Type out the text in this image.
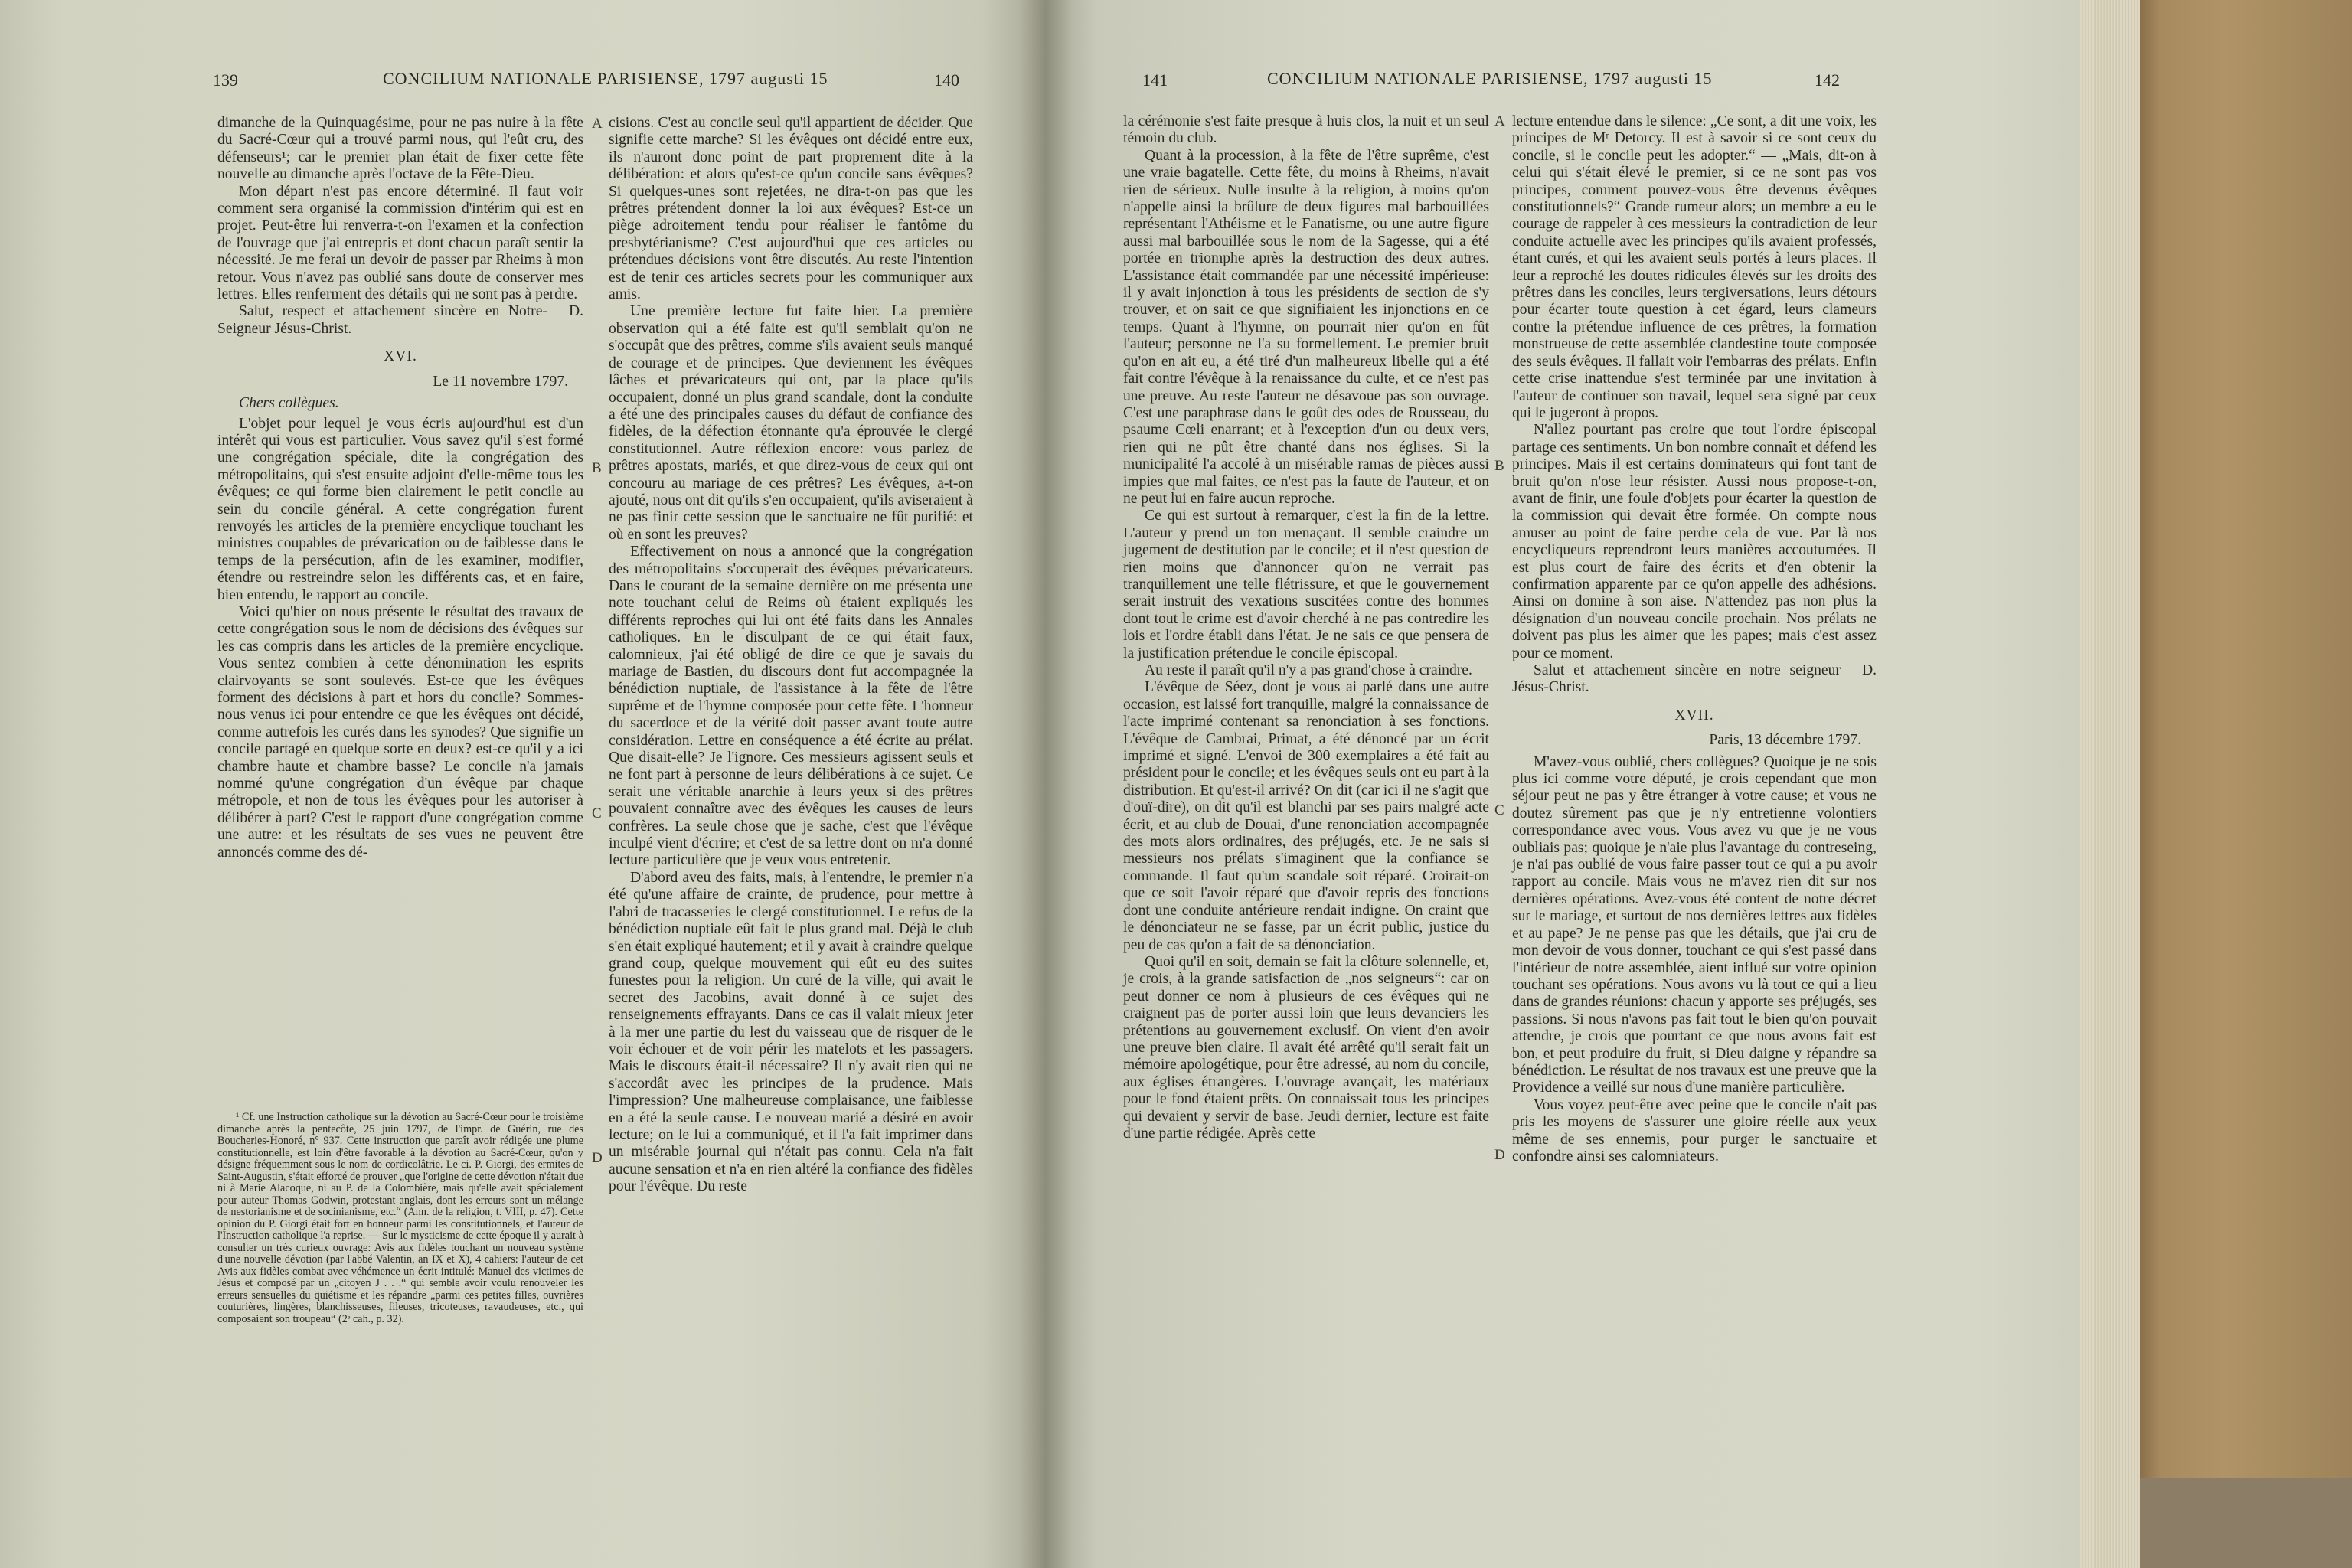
139	CONCILIUM NATIONALE PARISIENSE, 1797 augusti 15	140

dimanche de la Quinquagésime, pour ne pas nuire à la fête du Sacré-Cœur qui a trouvé parmi nous, qui l'eût cru, des défenseurs¹; car le premier plan était de fixer cette fête nouvelle au dimanche après l'octave de la Fête-Dieu.

Mon départ n'est pas encore déterminé. Il faut voir comment sera organisé la commission d'intérim qui est en projet. Peut-être lui renverra-t-on l'examen et la confection de l'ouvrage que j'ai entrepris et dont chacun paraît sentir la nécessité. Je me ferai un devoir de passer par Rheims à mon retour. Vous n'avez pas oublié sans doute de conserver mes lettres. Elles renferment des détails qui ne sont pas à perdre.

Salut, respect et attachement sincère en Notre-Seigneur Jésus-Christ.
D.
XVI.
Le 11 novembre 1797.
Chers collègues.

L'objet pour lequel je vous écris aujourd'hui est d'un intérêt qui vous est particulier. Vous savez qu'il s'est formé une congrégation spéciale, dite la congrégation des métropolitains, qui s'est ensuite adjoint d'elle-même tous les évêques; ce qui forme bien clairement le petit concile au sein du concile général. A cette congrégation furent renvoyés les articles de la première encyclique touchant les ministres coupables de prévarication ou de faiblesse dans le temps de la persécution, afin de les examiner, modifier, étendre ou restreindre selon les différents cas, et en faire, bien entendu, le rapport au concile.

Voici qu'hier on nous présente le résultat des travaux de cette congrégation sous le nom de décisions des évêques sur les cas compris dans les articles de la première encyclique. Vous sentez combien à cette dénomination les esprits clairvoyants se sont soulevés. Est-ce que les évêques forment des décisions à part et hors du concile? Sommes-nous venus ici pour entendre ce que les évêques ont décidé, comme autrefois les curés dans les synodes? Que signifie un concile partagé en quelque sorte en deux? est-ce qu'il y a ici chambre haute et chambre basse? Le concile n'a jamais nommé qu'une congrégation d'un évêque par chaque métropole, et non de tous les évêques pour les autoriser à délibérer à part? C'est le rapport d'une congrégation comme une autre: et les résultats de ses vues ne peuvent être annoncés comme des dé-

¹ Cf. une Instruction catholique sur la dévotion au Sacré-Cœur pour le troisième dimanche après la pentecôte, 25 juin 1797, de l'impr. de Guérin, rue des Boucheries-Honoré, n° 937. Cette instruction que paraît avoir rédigée une plume constitutionnelle, est loin d'être favorable à la dévotion au Sacré-Cœur, qu'on y désigne fréquemment sous le nom de cordicolâtrie. Le ci. P. Giorgi, des ermites de Saint-Augustin, s'était efforcé de prouver „que l'origine de cette dévotion n'était due ni à Marie Alacoque, ni au P. de la Colombière, mais qu'elle avait spécialement pour auteur Thomas Godwin, protestant anglais, dont les erreurs sont un mélange de nestorianisme et de socinianisme, etc.“ (Ann. de la religion, t. VIII, p. 47). Cette opinion du P. Giorgi était fort en honneur parmi les constitutionnels, et l'auteur de l'Instruction catholique l'a reprise. — Sur le mysticisme de cette époque il y aurait à consulter un très curieux ouvrage: Avis aux fidèles touchant un nouveau système d'une nouvelle dévotion (par l'abbé Valentin, an IX et X), 4 cahiers: l'auteur de cet Avis aux fidèles combat avec véhémence un écrit intitulé: Manuel des victimes de Jésus et composé par un „citoyen J . . .“ qui semble avoir voulu renouveler les erreurs sensuelles du quiétisme et les répandre „parmi ces petites filles, ouvrières couturières, lingères, blanchisseuses, fileuses, tricoteuses, ravaudeuses, etc., qui composaient son troupeau“ (2ᵉ cah., p. 32).

A
B
C
D

cisions. C'est au concile seul qu'il appartient de décider. Que signifie cette marche? Si les évêques ont décidé entre eux, ils n'auront donc point de part proprement dite à la délibération: et alors qu'est-ce qu'un concile sans évêques? Si quelques-unes sont rejetées, ne dira-t-on pas que les prêtres prétendent donner la loi aux évêques? Est-ce un piège adroitement tendu pour réaliser le fantôme du presbytérianisme? C'est aujourd'hui que ces articles ou prétendues décisions vont être discutés. Au reste l'intention est de tenir ces articles secrets pour les communiquer aux amis.

Une première lecture fut faite hier. La première observation qui a été faite est qu'il semblait qu'on ne s'occupât que des prêtres, comme s'ils avaient seuls manqué de courage et de principes. Que deviennent les évêques lâches et prévaricateurs qui ont, par la place qu'ils occupaient, donné un plus grand scandale, dont la conduite a été une des principales causes du défaut de confiance des fidèles, de la défection étonnante qu'a éprouvée le clergé constitutionnel. Autre réflexion encore: vous parlez de prêtres apostats, mariés, et que direz-vous de ceux qui ont concouru au mariage de ces prêtres? Les évêques, a-t-on ajouté, nous ont dit qu'ils s'en occupaient, qu'ils aviseraient à ne pas finir cette session que le sanctuaire ne fût purifié: et où en sont les preuves?

Effectivement on nous a annoncé que la congrégation des métropolitains s'occuperait des évêques prévaricateurs. Dans le courant de la semaine dernière on me présenta une note touchant celui de Reims où étaient expliqués les différents reproches qui lui ont été faits dans les Annales catholiques. En le disculpant de ce qui était faux, calomnieux, j'ai été obligé de dire ce que je savais du mariage de Bastien, du discours dont fut accompagnée la bénédiction nuptiale, de l'assistance à la fête de l'être suprême et de l'hymne composée pour cette fête. L'honneur du sacerdoce et de la vérité doit passer avant toute autre considération. Lettre en conséquence a été écrite au prélat. Que disait-elle? Je l'ignore. Ces messieurs agissent seuls et ne font part à personne de leurs délibérations à ce sujet. Ce serait une véritable anarchie à leurs yeux si des prêtres pouvaient connaître avec des évêques les causes de leurs confrères. La seule chose que je sache, c'est que l'évêque inculpé vient d'écrire; et c'est de sa lettre dont on m'a donné lecture particulière que je veux vous entretenir.

D'abord aveu des faits, mais, à l'entendre, le premier n'a été qu'une affaire de crainte, de prudence, pour mettre à l'abri de tracasseries le clergé constitutionnel. Le refus de la bénédiction nuptiale eût fait le plus grand mal. Déjà le club s'en était expliqué hautement; et il y avait à craindre quelque grand coup, quelque mouvement qui eût eu des suites funestes pour la religion. Un curé de la ville, qui avait le secret des Jacobins, avait donné à ce sujet des renseignements effrayants. Dans ce cas il valait mieux jeter à la mer une partie du lest du vaisseau que de risquer de le voir échouer et de voir périr les matelots et les passagers. Mais le discours était-il nécessaire? Il n'y avait rien qui ne s'accordât avec les principes de la prudence. Mais l'impression? Une malheureuse complaisance, une faiblesse en a été la seule cause. Le nouveau marié a désiré en avoir lecture; on le lui a communiqué, et il l'a fait imprimer dans un misérable journal qui n'était pas connu. Cela n'a fait aucune sensation et n'a en rien altéré la confiance des fidèles pour l'évêque. Du reste

141	CONCILIUM NATIONALE PARISIENSE, 1797 augusti 15	142

la cérémonie s'est faite presque à huis clos, la nuit et un seul témoin du club.

Quant à la procession, à la fête de l'être suprême, c'est une vraie bagatelle. Cette fête, du moins à Rheims, n'avait rien de sérieux. Nulle insulte à la religion, à moins qu'on n'appelle ainsi la brûlure de deux figures mal barbouillées représentant l'Athéisme et le Fanatisme, ou une autre figure aussi mal barbouillée sous le nom de la Sagesse, qui a été portée en triomphe après la destruction des deux autres. L'assistance était commandée par une nécessité impérieuse: il y avait injonction à tous les présidents de section de s'y trouver, et on sait ce que signifiaient les injonctions en ce temps. Quant à l'hymne, on pourrait nier qu'on en fût l'auteur; personne ne l'a su formellement. Le premier bruit qu'on en ait eu, a été tiré d'un malheureux libelle qui a été fait contre l'évêque à la renaissance du culte, et ce n'est pas une preuve. Au reste l'auteur ne désavoue pas son ouvrage. C'est une paraphrase dans le goût des odes de Rousseau, du psaume Cœli enarrant; et à l'exception d'un ou deux vers, rien qui ne pût être chanté dans nos églises. Si la municipalité l'a accolé à un misérable ramas de pièces aussi impies que mal faites, ce n'est pas la faute de l'auteur, et on ne peut lui en faire aucun reproche.

Ce qui est surtout à remarquer, c'est la fin de la lettre. L'auteur y prend un ton menaçant. Il semble craindre un jugement de destitution par le concile; et il n'est question de rien moins que d'annoncer qu'on ne verrait pas tranquillement une telle flétrissure, et que le gouvernement serait instruit des vexations suscitées contre des hommes dont tout le crime est d'avoir cherché à ne pas contredire les lois et l'ordre établi dans l'état. Je ne sais ce que pensera de la justification prétendue le concile épiscopal.

Au reste il paraît qu'il n'y a pas grand'chose à craindre.

L'évêque de Séez, dont je vous ai parlé dans une autre occasion, est laissé fort tranquille, malgré la connaissance de l'acte imprimé contenant sa renonciation à ses fonctions. L'évêque de Cambrai, Primat, a été dénoncé par un écrit imprimé et signé. L'envoi de 300 exemplaires a été fait au président pour le concile; et les évêques seuls ont eu part à la distribution. Et qu'est-il arrivé? On dit (car ici il ne s'agit que d'ouï-dire), on dit qu'il est blanchi par ses pairs malgré acte écrit, et au club de Douai, d'une renonciation accompagnée des mots alors ordinaires, des préjugés, etc. Je ne sais si messieurs nos prélats s'imaginent que la confiance se commande. Il faut qu'un scandale soit réparé. Croirait-on que ce soit l'avoir réparé que d'avoir repris des fonctions dont une conduite antérieure rendait indigne. On craint que le dénonciateur ne se fasse, par un écrit public, justice du peu de cas qu'on a fait de sa dénonciation.

Quoi qu'il en soit, demain se fait la clôture solennelle, et, je crois, à la grande satisfaction de „nos seigneurs“: car on peut donner ce nom à plusieurs de ces évêques qui ne craignent pas de porter aussi loin que leurs devanciers les prétentions au gouvernement exclusif. On vient d'en avoir une preuve bien claire. Il avait été arrêté qu'il serait fait un mémoire apologétique, pour être adressé, au nom du concile, aux églises étrangères. L'ouvrage avançait, les matériaux pour le fond étaient prêts. On connaissait tous les principes qui devaient y servir de base. Jeudi dernier, lecture est faite d'une partie rédigée. Après cette

A
B
C
D

lecture entendue dans le silence: „Ce sont, a dit une voix, les principes de Mʳ Detorcy. Il est à savoir si ce sont ceux du concile, si le concile peut les adopter.“ — „Mais, dit-on à celui qui s'était élevé le premier, si ce ne sont pas vos principes, comment pouvez-vous être devenus évêques constitutionnels?“ Grande rumeur alors; un membre a eu le courage de rappeler à ces messieurs la contradiction de leur conduite actuelle avec les principes qu'ils avaient professés, étant curés, et qui les avaient seuls portés à leurs places. Il leur a reproché les doutes ridicules élevés sur les droits des prêtres dans les conciles, leurs tergiversations, leurs détours pour écarter toute question à cet égard, leurs clameurs contre la prétendue influence de ces prêtres, la formation monstrueuse de cette assemblée clandestine toute composée des seuls évêques. Il fallait voir l'embarras des prélats. Enfin cette crise inattendue s'est terminée par une invitation à l'auteur de continuer son travail, lequel sera signé par ceux qui le jugeront à propos.

N'allez pourtant pas croire que tout l'ordre épiscopal partage ces sentiments. Un bon nombre connaît et défend les principes. Mais il est certains dominateurs qui font tant de bruit qu'on n'ose leur résister. Aussi nous propose-t-on, avant de finir, une foule d'objets pour écarter la question de la commission qui devait être formée. On compte nous amuser au point de faire perdre cela de vue. Par là nos encycliqueurs reprendront leurs manières accoutumées. Il est plus court de faire des écrits et d'en obtenir la confirmation apparente par ce qu'on appelle des adhésions. Ainsi on domine à son aise. N'attendez pas non plus la désignation d'un nouveau concile prochain. Nos prélats ne doivent pas plus les aimer que les papes; mais c'est assez pour ce moment.

Salut et attachement sincère en notre seigneur Jésus-Christ.
D.
XVII.
Paris, 13 décembre 1797.

M'avez-vous oublié, chers collègues? Quoique je ne sois plus ici comme votre député, je crois cependant que mon séjour peut ne pas y être étranger à votre cause; et vous ne doutez sûrement pas que je n'y entretienne volontiers correspondance avec vous. Vous avez vu que je ne vous oubliais pas; quoique je n'aie plus l'avantage du contreseing, je n'ai pas oublié de vous faire passer tout ce qui a pu avoir rapport au concile. Mais vous ne m'avez rien dit sur nos dernières opérations. Avez-vous été content de notre décret sur le mariage, et surtout de nos dernières lettres aux fidèles et au pape? Je ne pense pas que les détails, que j'ai cru de mon devoir de vous donner, touchant ce qui s'est passé dans l'intérieur de notre assemblée, aient influé sur votre opinion touchant ses opérations. Nous avons vu là tout ce qui a lieu dans de grandes réunions: chacun y apporte ses préjugés, ses passions. Si nous n'avons pas fait tout le bien qu'on pouvait attendre, je crois que pourtant ce que nous avons fait est bon, et peut produire du fruit, si Dieu daigne y répandre sa bénédiction. Le résultat de nos travaux est une preuve que la Providence a veillé sur nous d'une manière particulière.

Vous voyez peut-être avec peine que le concile n'ait pas pris les moyens de s'assurer une gloire réelle aux yeux même de ses ennemis, pour purger le sanctuaire et confondre ainsi ses calomniateurs.
